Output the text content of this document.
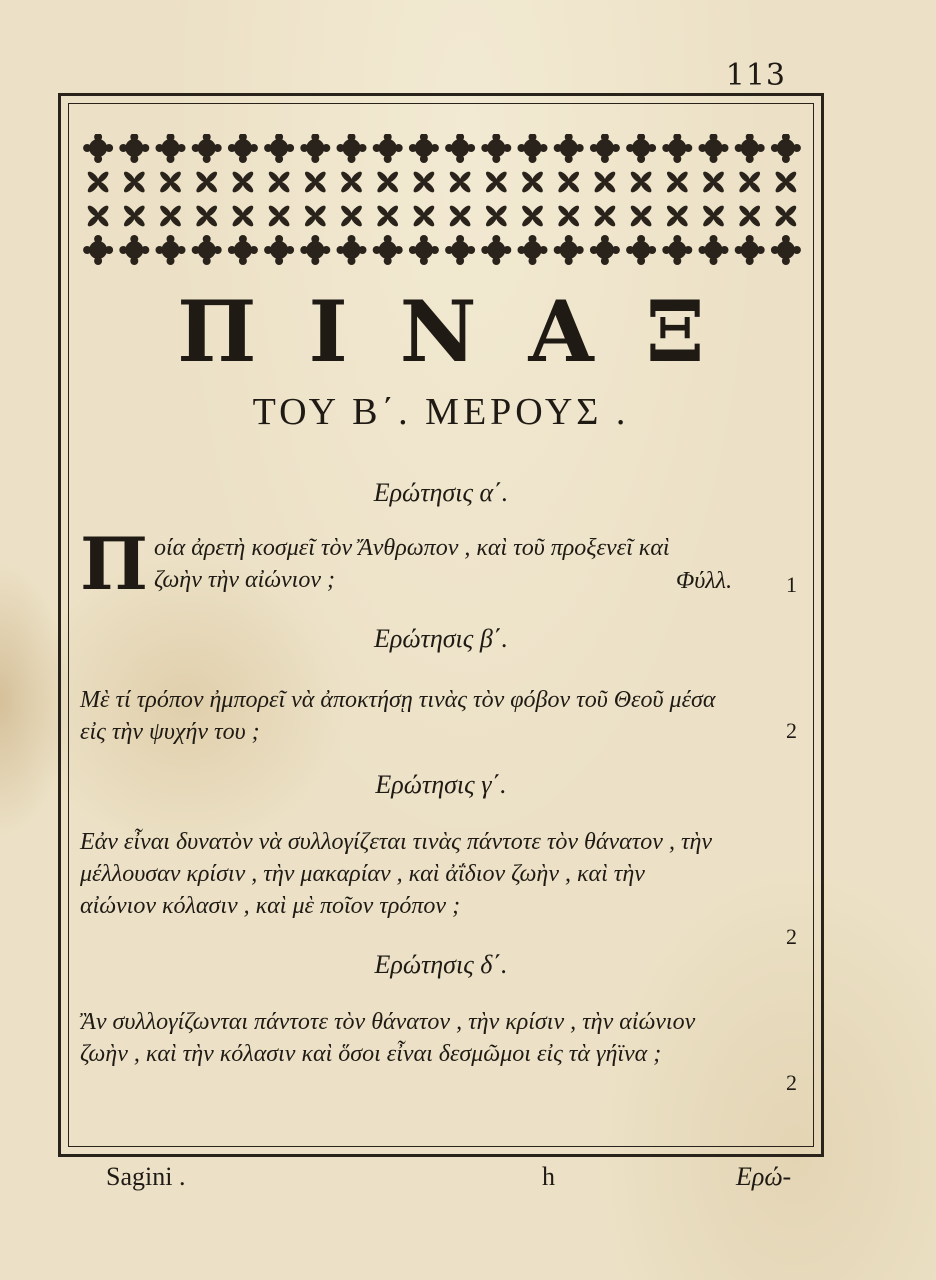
113
ΠΙΝΑΞ
ΤΟΥ Β΄. ΜΕΡΟΥΣ .
Ερώτησις α΄.
Π οία ἀρετὴ κοσμεῖ τὸν Ἄνθρωπον , καὶ τοῦ προξενεῖ καὶ ζωὴν τὴν αἰώνιον ;	Φύλλ. 1
Ερώτησις β΄.
Μὲ τί τρόπον ἠμπορεῖ νὰ ἀποκτήσῃ τινὰς τὸν φόβον τοῦ Θεοῦ μέσα εἰς τὴν ψυχήν του ;	2
Ερώτησις γ΄.
Εἀν εἶναι δυνατὸν νὰ συλλογίζεται τινὰς πάντοτε τὸν θάνατον , τὴν μέλλουσαν κρίσιν , τὴν μακαρίαν , καὶ ἀΐδιον ζωὴν , καὶ τὴν αἰώνιον κόλασιν , καὶ μὲ ποῖον τρόπον ;
2
Ερώτησις δ΄.
Ἂν συλλογίζωνται πάντοτε τὸν θάνατον , τὴν κρίσιν , τὴν αἰώνιον ζωὴν , καὶ τὴν κόλασιν καὶ ὅσοι εἶναι δεσμῶμοι εἰς τὰ γήϊνα ;
2
Sagini .	h	Ερώ-
